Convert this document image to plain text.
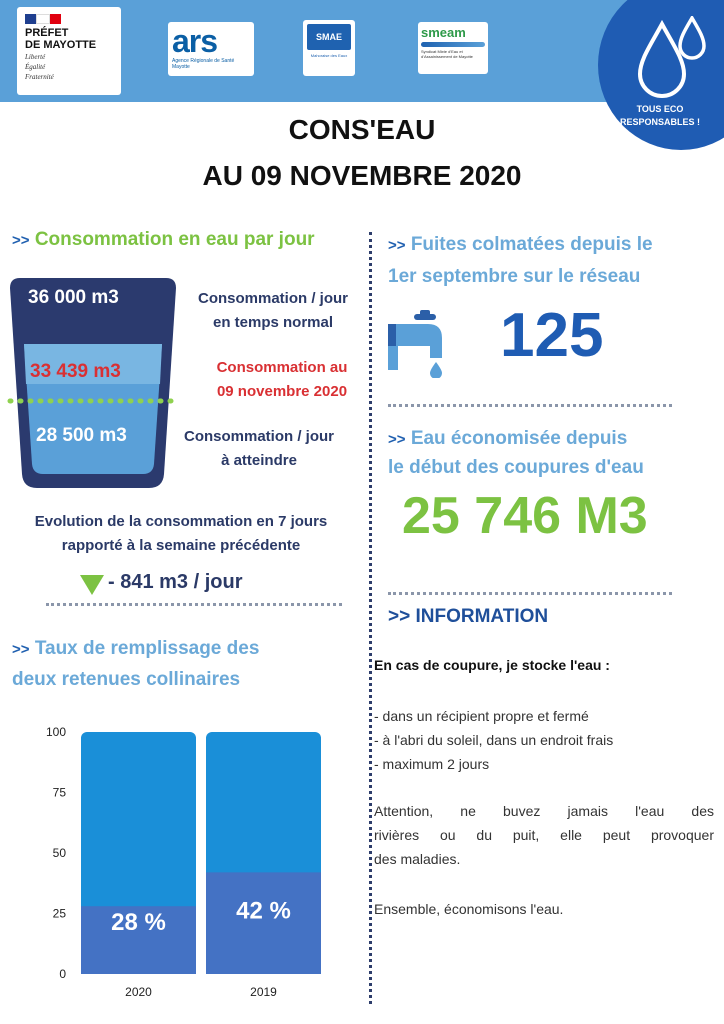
PRÉFET
DE MAYOTTE
Liberté
Égalité
Fraternité
ars
Agence Régionale de Santé
Mayotte
SMAE
Mahoraise des Eaux
smeam
Syndicat Mixte d'Eau et d'Assainissement de Mayotte
TOUS ECO
RESPONSABLES !
CONS'EAU
AU 09 NOVEMBRE 2020
>> Consommation en eau par jour
36 000 m3
33 439 m3
28 500 m3
Consommation / jour
en temps normal
Consommation au
09 novembre 2020
Consommation / jour
à atteindre
Evolution de la consommation en 7 jours
rapporté à la semaine précédente
- 841 m3 / jour
>> Taux de remplissage des
deux retenues collinaires
0
25
50
75
100
28 %
2020
42 %
2019
>> Fuites colmatées depuis le
1er septembre sur le réseau
125
>> Eau économisée depuis
le début des coupures d'eau
25 746 M3
>> INFORMATION
En cas de coupure, je stocke l'eau :
- dans un récipient propre et fermé
- à l'abri du soleil, dans un endroit frais
- maximum 2 jours
Attention, ne buvez jamais l'eau des
rivières ou du puit, elle peut provoquer
des maladies.
Ensemble, économisons l'eau.
